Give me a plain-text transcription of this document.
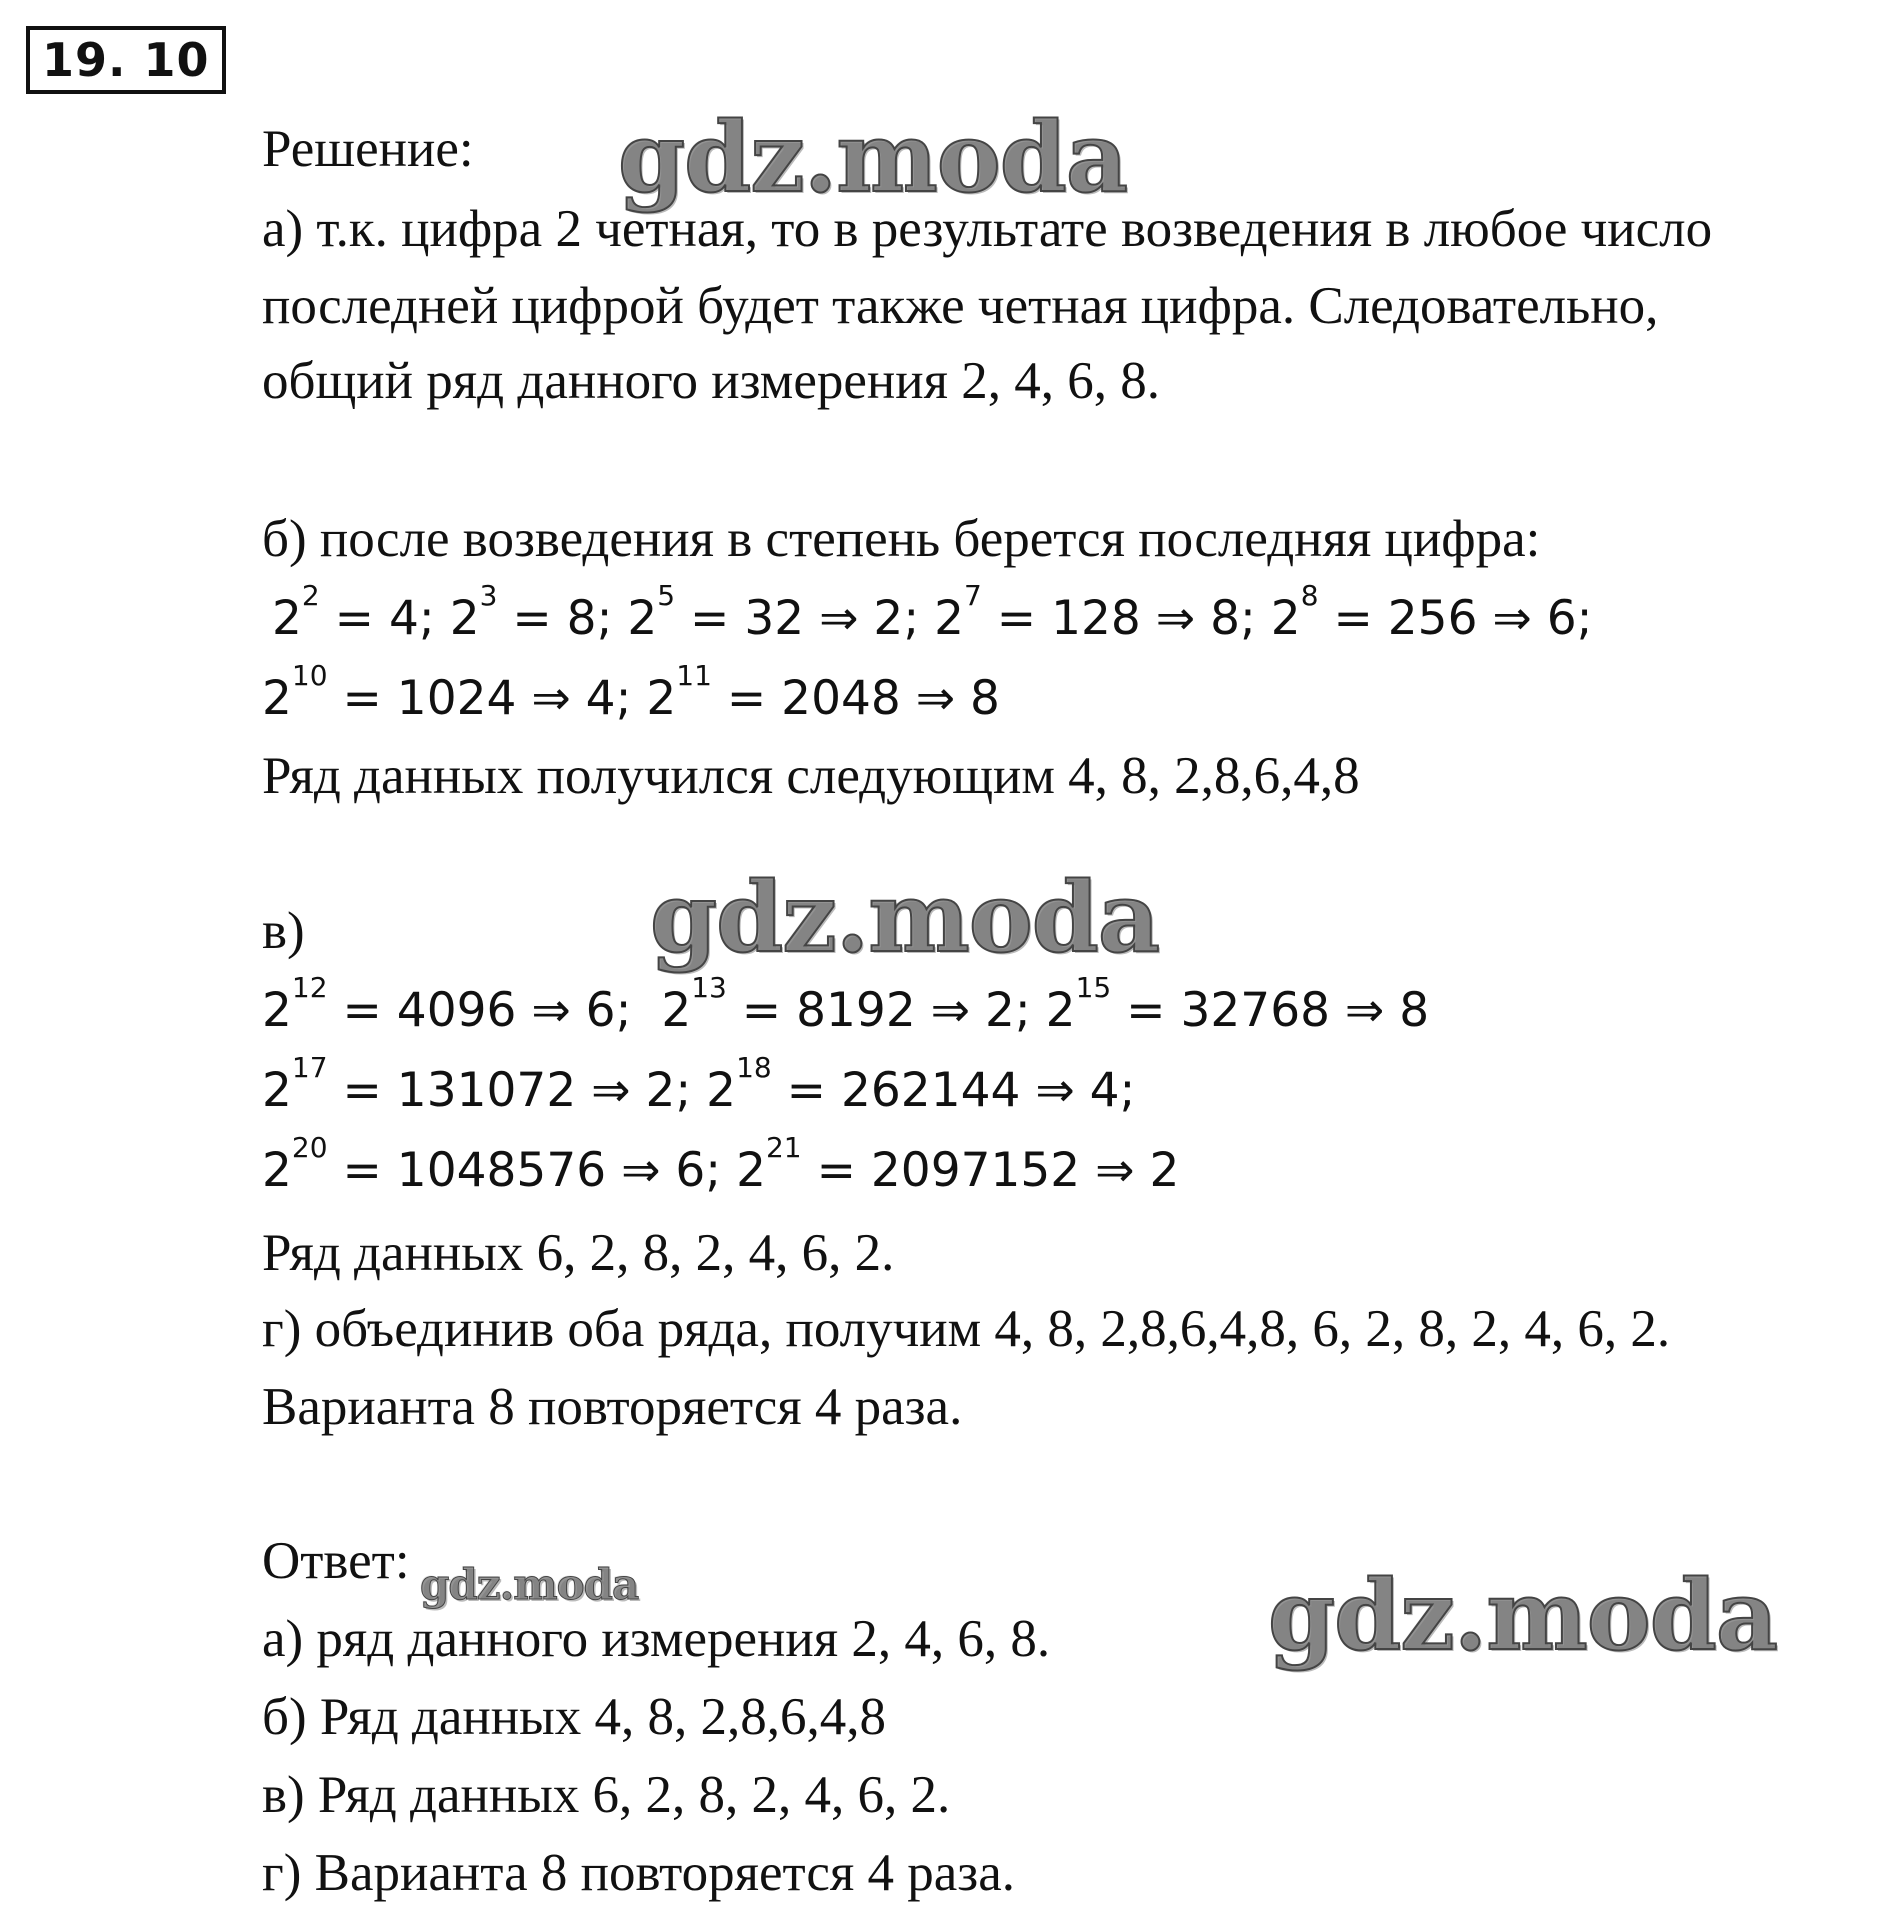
19. 10
Решение:
а) т.к. цифра 2 четная, то в результате возведения в любое число
последней цифрой будет также четная цифра. Следовательно,
общий ряд данного измерения 2, 4, 6, 8.
б) после возведения в степень берется последняя цифра:
$2^2 = 4$; $2^3 = 8$; $2^5 = 32$ ⇒ 2; $2^7 = 128$ ⇒ 8; $2^8 = 256$ ⇒ 6;
$2^{10} = 1024$ ⇒ 4; $2^{11} = 2048$ ⇒ 8
Ряд данных получился следующим 4, 8, 2,8,6,4,8
в)
$2^{12} = 4096$ ⇒ 6;  $2^{13} = 8192$ ⇒ 2; $2^{15} = 32768$ ⇒ 8
$2^{17} = 131072$ ⇒ 2; $2^{18} = 262144$ ⇒ 4;
$2^{20} = 1048576$ ⇒ 6; $2^{21} = 2097152$ ⇒ 2
Ряд данных 6, 2, 8, 2, 4, 6, 2.
г) объединив оба ряда, получим 4, 8, 2,8,6,4,8, 6, 2, 8, 2, 4, 6, 2.
Варианта 8 повторяется 4 раза.
Ответ:
а) ряд данного измерения 2, 4, 6, 8.
б) Ряд данных 4, 8, 2,8,6,4,8
в) Ряд данных 6, 2, 8, 2, 4, 6, 2.
г) Варианта 8 повторяется 4 раза.
gdz.moda
gdz.moda
gdz.moda	gdz.moda
